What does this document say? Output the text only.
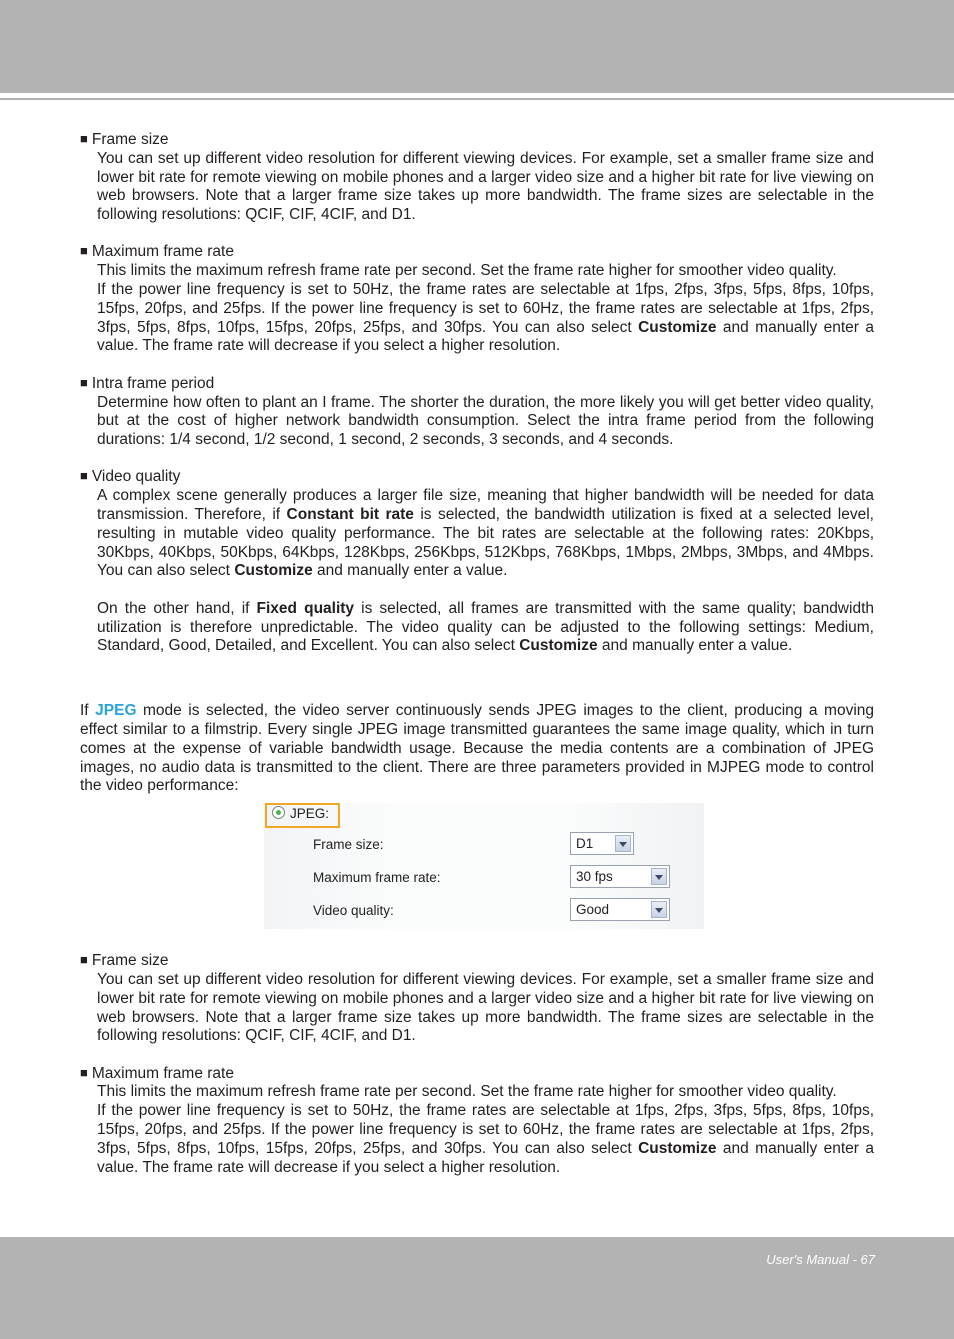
■ Frame size

You can set up different video resolution for different viewing devices. For example, set a smaller frame size and lower bit rate for remote viewing on mobile phones and a larger video size and a higher bit rate for live viewing on web browsers. Note that a larger frame size takes up more bandwidth. The frame sizes are selectable in the following resolutions: QCIF, CIF, 4CIF, and D1.

■ Maximum frame rate

This limits the maximum refresh frame rate per second. Set the frame rate higher for smoother video quality.

If the power line frequency is set to 50Hz, the frame rates are selectable at 1fps, 2fps, 3fps, 5fps, 8fps, 10fps, 15fps, 20fps, and 25fps. If the power line frequency is set to 60Hz, the frame rates are selectable at 1fps, 2fps, 3fps, 5fps, 8fps, 10fps, 15fps, 20fps, 25fps, and 30fps. You can also select Customize and manually enter a value. The frame rate will decrease if you select a higher resolution.

■ Intra frame period

Determine how often to plant an I frame. The shorter the duration, the more likely you will get better video quality, but at the cost of higher network bandwidth consumption. Select the intra frame period from the following durations: 1/4 second, 1/2 second, 1 second, 2 seconds, 3 seconds, and 4 seconds.

■ Video quality

A complex scene generally produces a larger file size, meaning that higher bandwidth will be needed for data transmission. Therefore, if Constant bit rate is selected, the bandwidth utilization is fixed at a selected level, resulting in mutable video quality performance. The bit rates are selectable at the following rates: 20Kbps, 30Kbps, 40Kbps, 50Kbps, 64Kbps, 128Kbps, 256Kbps, 512Kbps, 768Kbps, 1Mbps, 2Mbps, 3Mbps, and 4Mbps. You can also select Customize and manually enter a value.

On the other hand, if Fixed quality is selected, all frames are transmitted with the same quality; bandwidth utilization is therefore unpredictable. The video quality can be adjusted to the following settings: Medium, Standard, Good, Detailed, and Excellent. You can also select Customize and manually enter a value.

If JPEG mode is selected, the video server continuously sends JPEG images to the client, producing a moving effect similar to a filmstrip. Every single JPEG image transmitted guarantees the same image quality, which in turn comes at the expense of variable bandwidth usage. Because the media contents are a combination of JPEG images, no audio data is transmitted to the client. There are three parameters provided in MJPEG mode to control the video performance:

JPEG:
Frame size:	D1
Maximum frame rate:	30 fps
Video quality:	Good
■ Frame size

You can set up different video resolution for different viewing devices. For example, set a smaller frame size and lower bit rate for remote viewing on mobile phones and a larger video size and a higher bit rate for live viewing on web browsers. Note that a larger frame size takes up more bandwidth. The frame sizes are selectable in the following resolutions: QCIF, CIF, 4CIF, and D1.

■ Maximum frame rate

This limits the maximum refresh frame rate per second. Set the frame rate higher for smoother video quality.

If the power line frequency is set to 50Hz, the frame rates are selectable at 1fps, 2fps, 3fps, 5fps, 8fps, 10fps, 15fps, 20fps, and 25fps. If the power line frequency is set to 60Hz, the frame rates are selectable at 1fps, 2fps, 3fps, 5fps, 8fps, 10fps, 15fps, 20fps, 25fps, and 30fps. You can also select Customize and manually enter a value. The frame rate will decrease if you select a higher resolution.

User's Manual - 67
